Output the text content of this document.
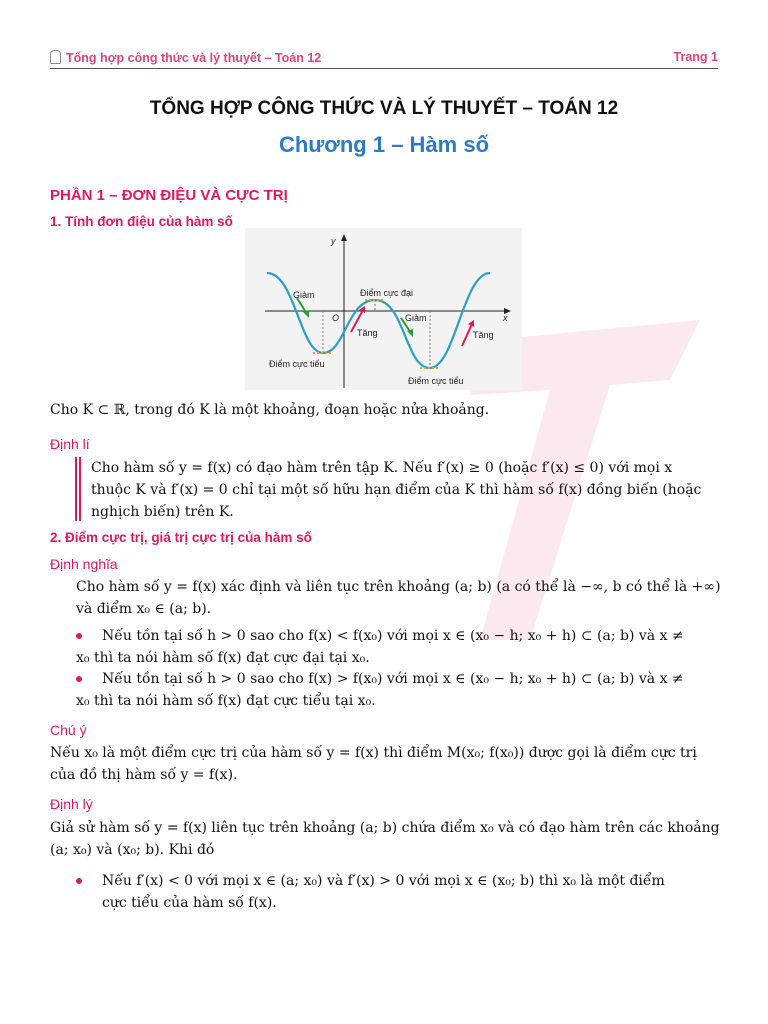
Tổng hợp công thức và lý thuyết – Toán 12	Trang 1
TỔNG HỢP CÔNG THỨC VÀ LÝ THUYẾT – TOÁN 12
Chương 1 – Hàm số
PHẦN 1 – ĐƠN ĐIỆU VÀ CỰC TRỊ
1. Tính đơn điệu của hàm số
y
x
O
Giảm	Điểm cực đại
Tăng
Giảm
Tăng
Điểm cực tiểu
Điểm cực tiểu
Cho K ⊂ ℝ, trong đó K là một khoảng, đoạn hoặc nửa khoảng.
Định lí
Cho hàm số y = f(x) có đạo hàm trên tập K. Nếu f′(x) ≥ 0 (hoặc f′(x) ≤ 0) với mọi x
thuộc K và f′(x) = 0 chỉ tại một số hữu hạn điểm của K thì hàm số f(x) đồng biến (hoặc
nghịch biến) trên K.
2. Điểm cực trị, giá trị cực trị của hàm số
Định nghĩa
Cho hàm số y = f(x) xác định và liên tục trên khoảng (a; b) (a có thể là −∞, b có thể là +∞)
và điểm x₀ ∈ (a; b).
Nếu tồn tại số h > 0 sao cho f(x) < f(x₀) với mọi x ∈ (x₀ − h; x₀ + h) ⊂ (a; b) và x ≠
x₀ thì ta nói hàm số f(x) đạt cực đại tại x₀.
Nếu tồn tại số h > 0 sao cho f(x) > f(x₀) với mọi x ∈ (x₀ − h; x₀ + h) ⊂ (a; b) và x ≠
x₀ thì ta nói hàm số f(x) đạt cực tiểu tại x₀.
Chú ý
Nếu x₀ là một điểm cực trị của hàm số y = f(x) thì điểm M(x₀; f(x₀)) được gọi là điểm cực trị
của đồ thị hàm số y = f(x).
Định lý
Giả sử hàm số y = f(x) liên tục trên khoảng (a; b) chứa điểm x₀ và có đạo hàm trên các khoảng
(a; x₀) và (x₀; b). Khi đó
Nếu f′(x) < 0 với mọi x ∈ (a; x₀) và f′(x) > 0 với mọi x ∈ (x₀; b) thì x₀ là một điểm
cực tiểu của hàm số f(x).
